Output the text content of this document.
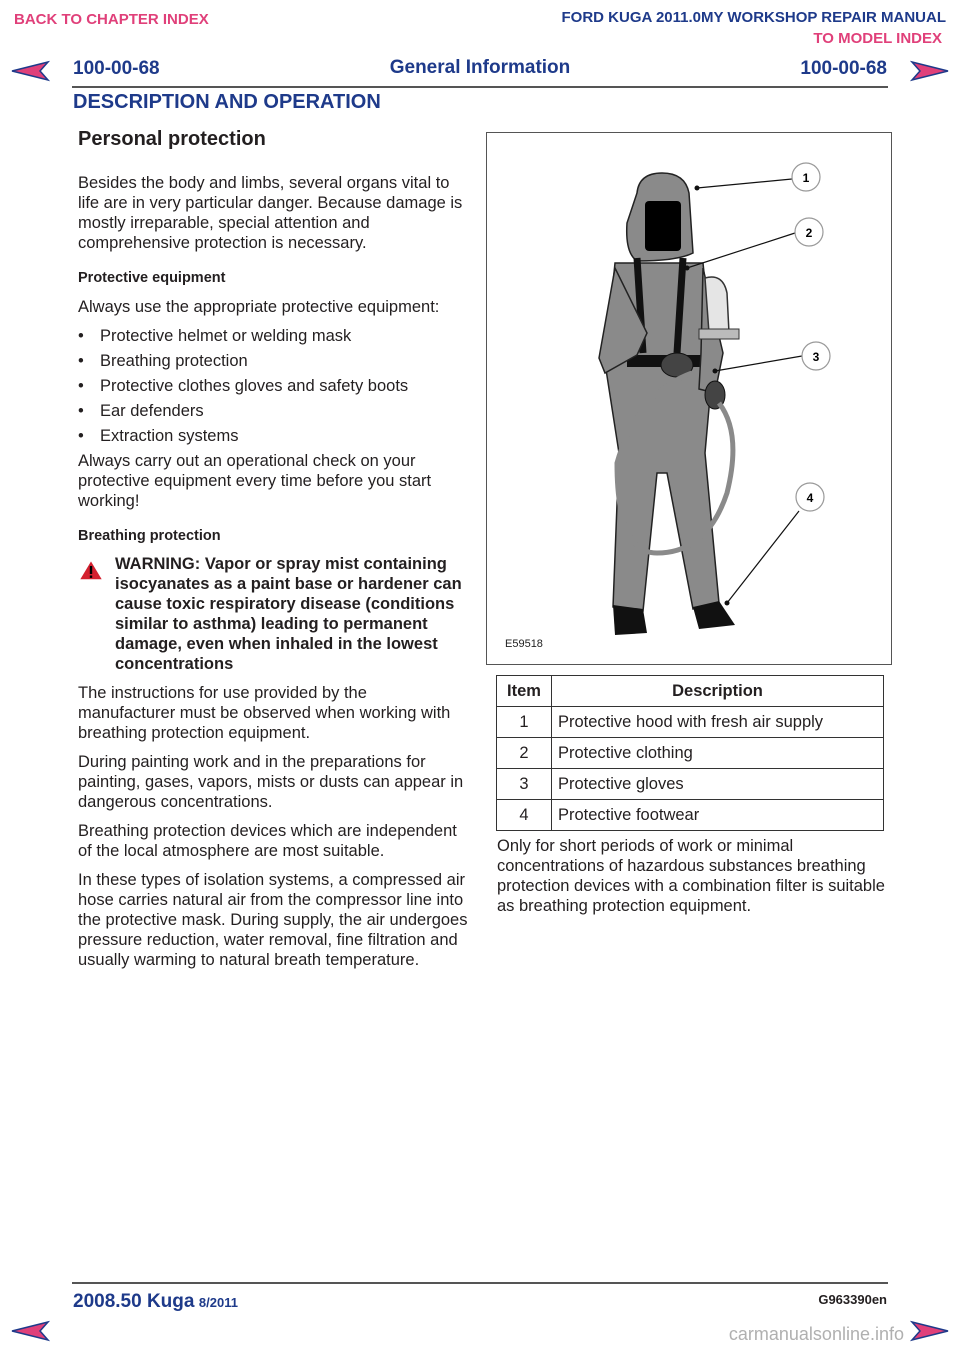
BACK TO CHAPTER INDEX	FORD KUGA 2011.0MY WORKSHOP REPAIR MANUAL
TO MODEL INDEX
100-00-68	General Information	100-00-68
DESCRIPTION AND OPERATION
Personal protection

Besides the body and limbs, several organs vital to life are in very particular danger. Because damage is mostly irreparable, special attention and comprehensive protection is necessary.

Protective equipment

Always use the appropriate protective equipment:

• Protective helmet or welding mask
• Breathing protection
• Protective clothes gloves and safety boots
• Ear defenders
• Extraction systems

Always carry out an operational check on your protective equipment every time before you start working!

Breathing protection
WARNING: Vapor or spray mist containing isocyanates as a paint base or hardener can cause toxic respiratory disease (conditions similar to asthma) leading to permanent damage, even when inhaled in the lowest concentrations

The instructions for use provided by the manufacturer must be observed when working with breathing protection equipment.

During painting work and in the preparations for painting, gases, vapors, mists or dusts can appear in dangerous concentrations.

Breathing protection devices which are independent of the local atmosphere are most suitable.

In these types of isolation systems, a compressed air hose carries natural air from the compressor line into the protective mask. During supply, the air undergoes pressure reduction, water removal, fine filtration and usually warming to natural breath temperature.

1
2
3
4
E59518
Item	Description
1	Protective hood with fresh air supply
2	Protective clothing
3	Protective gloves
4	Protective footwear

Only for short periods of work or minimal concentrations of hazardous substances breathing protection devices with a combination filter is suitable as breathing protection equipment.

2008.50 Kuga 8/2011	G963390en
carmanualsonline.info
